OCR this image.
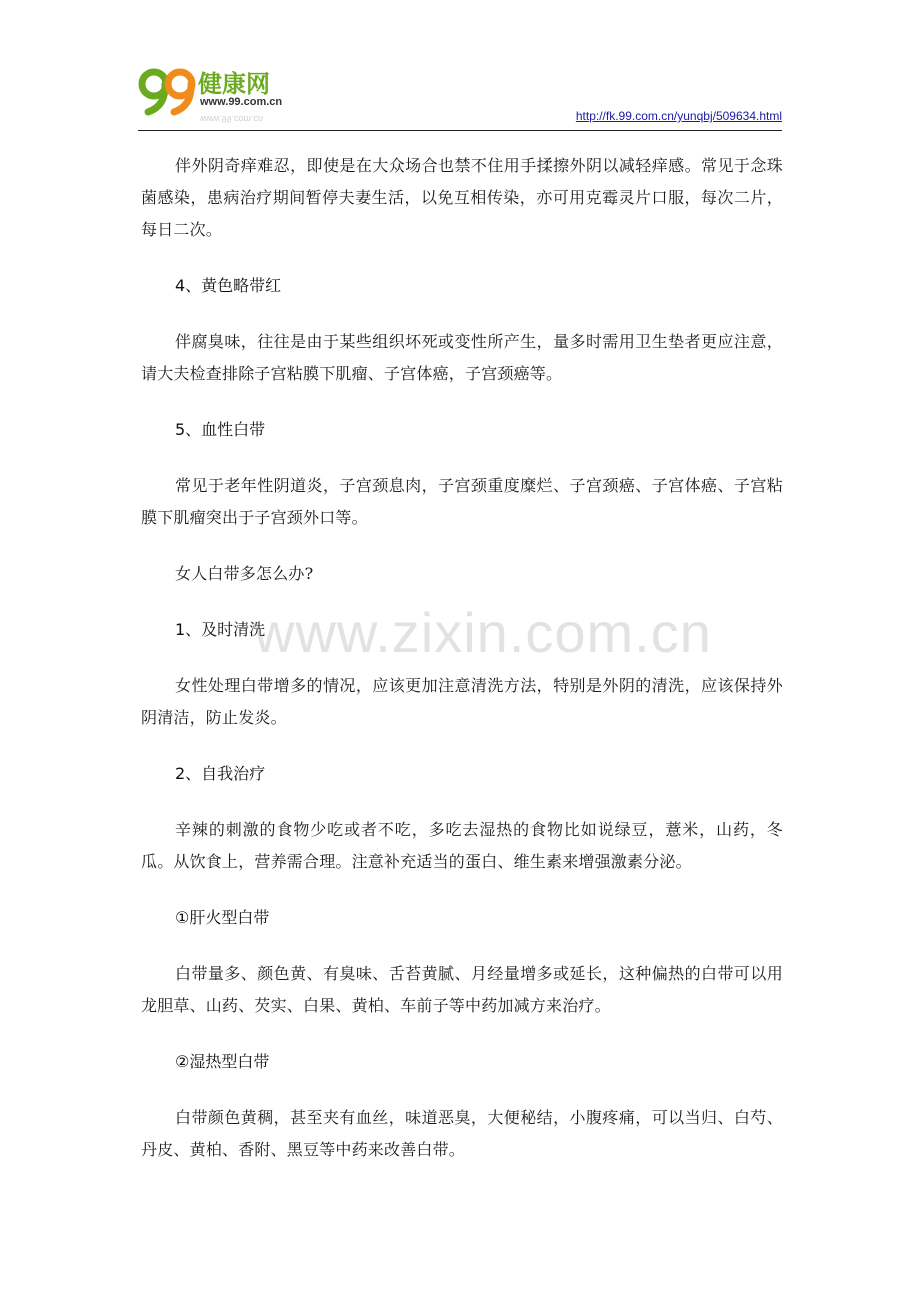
健康网
www.99.com.cn
www.99.com.cn	http://fk.99.com.cn/yunqbj/509634.html

伴外阴奇痒难忍，即使是在大众场合也禁不住用手揉擦外阴以减轻痒感。常见于念珠菌感染，患病治疗期间暂停夫妻生活，以免互相传染，亦可用克霉灵片口服，每次二片，每日二次。

4、黄色略带红

伴腐臭味，往往是由于某些组织坏死或变性所产生，量多时需用卫生垫者更应注意，请大夫检查排除子宫粘膜下肌瘤、子宫体癌，子宫颈癌等。

5、血性白带

常见于老年性阴道炎，子宫颈息肉，子宫颈重度糜烂、子宫颈癌、子宫体癌、子宫粘膜下肌瘤突出于子宫颈外口等。

女人白带多怎么办?

1、及时清洗

女性处理白带增多的情况，应该更加注意清洗方法，特别是外阴的清洗，应该保持外阴清洁，防止发炎。

2、自我治疗

辛辣的刺激的食物少吃或者不吃，多吃去湿热的食物比如说绿豆，薏米，山药，冬瓜。从饮食上，营养需合理。注意补充适当的蛋白、维生素来增强激素分泌。

①肝火型白带

白带量多、颜色黄、有臭味、舌苔黄腻、月经量增多或延长，这种偏热的白带可以用龙胆草、山药、芡实、白果、黄柏、车前子等中药加减方来治疗。

②湿热型白带

白带颜色黄稠，甚至夹有血丝，味道恶臭，大便秘结，小腹疼痛，可以当归、白芍、丹皮、黄柏、香附、黑豆等中药来改善白带。

www.zixin.com.cn
